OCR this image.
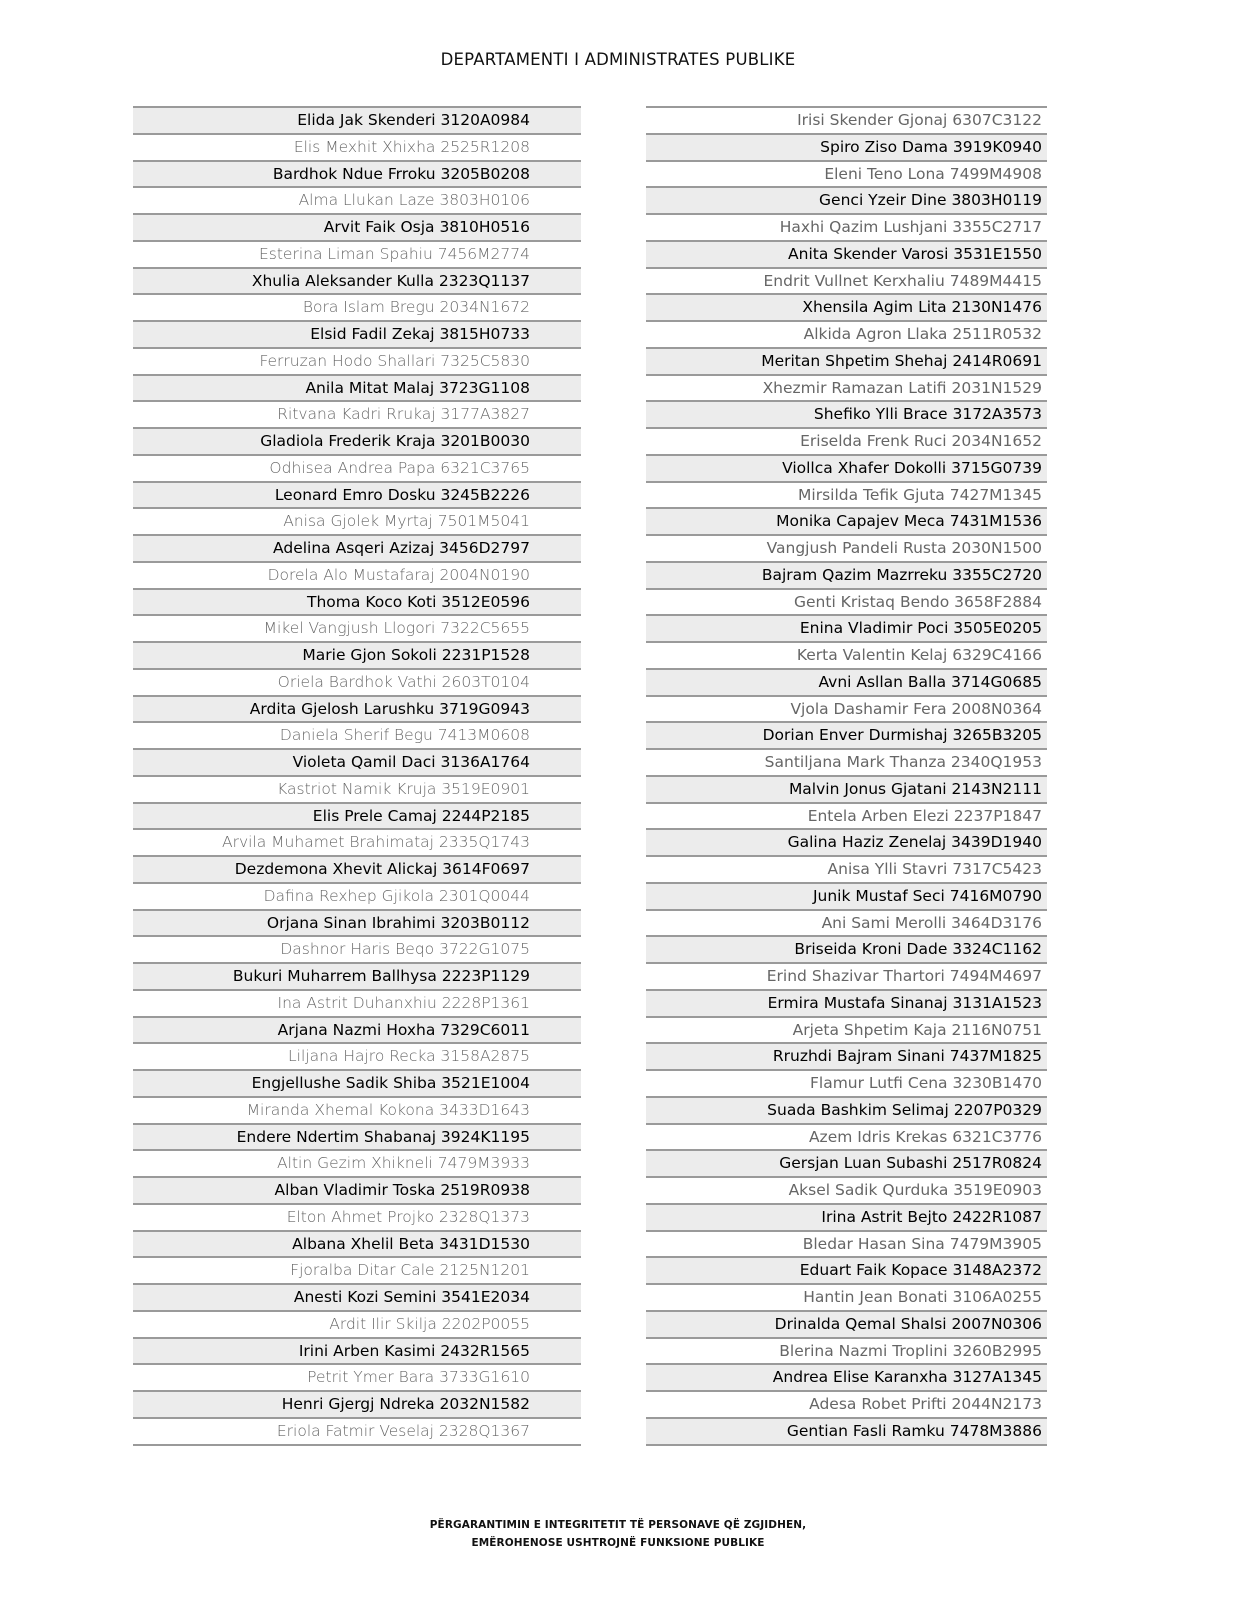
DEPARTAMENTI I ADMINISTRATES PUBLIKE
Elida Jak Skenderi 3120A0984
Elis Mexhit Xhixha 2525R1208
Bardhok Ndue Frroku 3205B0208
Alma Llukan Laze 3803H0106
Arvit Faik Osja 3810H0516
Esterina Liman Spahiu 7456M2774
Xhulia Aleksander Kulla 2323Q1137
Bora Islam Bregu 2034N1672
Elsid Fadil Zekaj 3815H0733
Ferruzan Hodo Shallari 7325C5830
Anila Mitat Malaj 3723G1108
Ritvana Kadri Rrukaj 3177A3827
Gladiola Frederik Kraja 3201B0030
Odhisea Andrea Papa 6321C3765
Leonard Emro Dosku 3245B2226
Anisa Gjolek Myrtaj 7501M5041
Adelina Asqeri Azizaj 3456D2797
Dorela Alo Mustafaraj 2004N0190
Thoma Koco Koti 3512E0596
Mikel Vangjush Llogori 7322C5655
Marie Gjon Sokoli 2231P1528
Oriela Bardhok Vathi 2603T0104
Ardita Gjelosh Larushku 3719G0943
Daniela Sherif Begu 7413M0608
Violeta Qamil Daci 3136A1764
Kastriot Namik Kruja 3519E0901
Elis Prele Camaj 2244P2185
Arvila Muhamet Brahimataj 2335Q1743
Dezdemona Xhevit Alickaj 3614F0697
Dafina Rexhep Gjikola 2301Q0044
Orjana Sinan Ibrahimi 3203B0112
Dashnor Haris Beqo 3722G1075
Bukuri Muharrem Ballhysa 2223P1129
Ina Astrit Duhanxhiu 2228P1361
Arjana Nazmi Hoxha 7329C6011
Liljana Hajro Recka 3158A2875
Engjellushe Sadik Shiba 3521E1004
Miranda Xhemal Kokona 3433D1643
Endere Ndertim Shabanaj 3924K1195
Altin Gezim Xhikneli 7479M3933
Alban Vladimir Toska 2519R0938
Elton Ahmet Projko 2328Q1373
Albana Xhelil Beta 3431D1530
Fjoralba Ditar Cale 2125N1201
Anesti Kozi Semini 3541E2034
Ardit Ilir Skilja 2202P0055
Irini Arben Kasimi 2432R1565
Petrit Ymer Bara 3733G1610
Henri Gjergj Ndreka 2032N1582
Eriola Fatmir Veselaj 2328Q1367
Irisi Skender Gjonaj 6307C3122
Spiro Ziso Dama 3919K0940
Eleni Teno Lona 7499M4908
Genci Yzeir Dine 3803H0119
Haxhi Qazim Lushjani 3355C2717
Anita Skender Varosi 3531E1550
Endrit Vullnet Kerxhaliu 7489M4415
Xhensila Agim Lita 2130N1476
Alkida Agron Llaka 2511R0532
Meritan Shpetim Shehaj 2414R0691
Xhezmir Ramazan Latifi 2031N1529
Shefiko Ylli Brace 3172A3573
Eriselda Frenk Ruci 2034N1652
Viollca Xhafer Dokolli 3715G0739
Mirsilda Tefik Gjuta 7427M1345
Monika Capajev Meca 7431M1536
Vangjush Pandeli Rusta 2030N1500
Bajram Qazim Mazrreku 3355C2720
Genti Kristaq Bendo 3658F2884
Enina Vladimir Poci 3505E0205
Kerta Valentin Kelaj 6329C4166
Avni Asllan Balla 3714G0685
Vjola Dashamir Fera 2008N0364
Dorian Enver Durmishaj 3265B3205
Santiljana Mark Thanza 2340Q1953
Malvin Jonus Gjatani 2143N2111
Entela Arben Elezi 2237P1847
Galina Haziz Zenelaj 3439D1940
Anisa Ylli Stavri 7317C5423
Junik Mustaf Seci 7416M0790
Ani Sami Merolli 3464D3176
Briseida Kroni Dade 3324C1162
Erind Shazivar Thartori 7494M4697
Ermira Mustafa Sinanaj 3131A1523
Arjeta Shpetim Kaja 2116N0751
Rruzhdi Bajram Sinani 7437M1825
Flamur Lutfi Cena 3230B1470
Suada Bashkim Selimaj 2207P0329
Azem Idris Krekas 6321C3776
Gersjan Luan Subashi 2517R0824
Aksel Sadik Qurduka 3519E0903
Irina Astrit Bejto 2422R1087
Bledar Hasan Sina 7479M3905
Eduart Faik Kopace 3148A2372
Hantin Jean Bonati 3106A0255
Drinalda Qemal Shalsi 2007N0306
Blerina Nazmi Troplini 3260B2995
Andrea Elise Karanxha 3127A1345
Adesa Robet Prifti 2044N2173
Gentian Fasli Ramku 7478M3886
PËRGARANTIMIN E INTEGRITETIT TË PERSONAVE QË ZGJIDHEN,
EMËROHENOSE USHTROJNË FUNKSIONE PUBLIKE
